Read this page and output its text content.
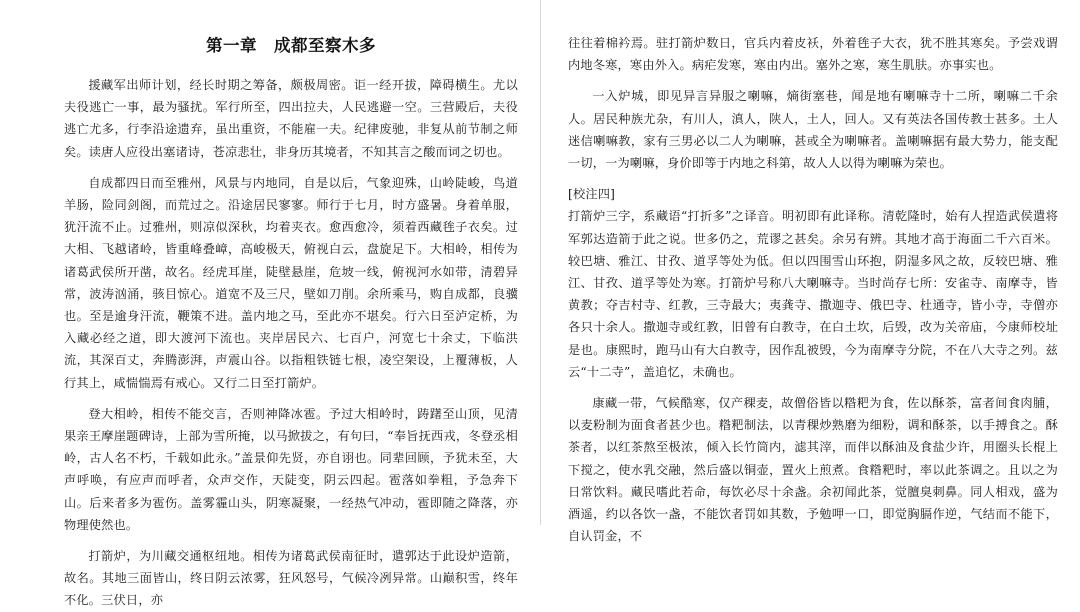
第一章　成都至察木多

援藏军出师计划，经长时期之筹备，颇极周密。讵一经开拔，障碍横生。尤以夫役逃亡一事，最为骚扰。军行所至，四出拉夫，人民逃避一空。三营殿后，夫役逃亡尤多，行李沿途遗弃，虽出重资，不能雇一夫。纪律废驰，非复从前节制之师矣。读唐人应役出塞诸诗，苍凉悲壮，非身历其境者，不知其言之酸而词之切也。

自成都四日而至雅州，风景与内地同，自是以后，气象迎殊，山岭陡峻，鸟道羊肠，险同剑阁，而荒过之。沿途居民寥寥。师行于七月，时方盛暑。身着单服，犹汗流不止。过雅州，则凉似深秋，均着夹衣。愈西愈冷，须着西藏毪子衣矣。过大相、飞越诸岭，皆重峰叠嶂，高峻极天，俯视白云，盘旋足下。大相岭，相传为诸葛武侯所开凿，故名。经虎耳崖，陡壁悬崖，危坡一线，俯视河水如带，清碧异常，波涛汹涌，骇目惊心。道宽不及三尺，壁如刀削。余所乘马，购自成都，良骥也。至是逾身汗流，鞭策不进。盖内地之马，至此亦不堪矣。行六日至泸定桥，为入藏必经之道，即大渡河下流也。夹岸居民六、七百户，河宽七十余丈，下临洪流，其深百丈，奔腾澎湃，声震山谷。以指粗铁链七根，凌空架设，上覆薄板，人行其上，咸惴惴焉有戒心。又行二日至打箭炉。

登大相岭，相传不能交言，否则神降冰雹。予过大相岭时，踌躇至山顶，见清果亲王摩崖题碑诗，上部为雪所掩，以马掀拔之，有句曰，“奉旨抚西戎，冬登丞相岭，古人名不朽，千载如此永。”盖景仰先贤，亦自诩也。同辈回顾，予犹未至，大声呼唤，有应声而呼者，众声交作，天陡变，阴云四起。雹落如拳粗，予急奔下山。后来者多为雹伤。盖雾霾山头，阴寒凝聚，一经热气冲动，雹即随之降落，亦物理使然也。

打箭炉，为川藏交通枢纽地。相传为诸葛武侯南征时，遣郭达于此设炉造箭，故名。其地三面皆山，终日阴云浓雾，狂风怒号，气候冷冽异常。山巅积雪，终年不化。三伏日，亦

往往着棉衿焉。驻打箭炉数日，官兵内着皮袄，外着毪子大衣，犹不胜其寒矣。予尝戏谓内地冬寒，寒由外入。病疟发寒，寒由内出。塞外之寒，寒生肌肤。亦事实也。

一入炉城，即见异言异服之喇嘛，熵街塞巷，闻是地有喇嘛寺十二所，喇嘛二千余人。居民种族尤杂，有川人，滇人，陕人，土人，回人。又有英法各国传教士甚多。土人迷信喇嘛教，家有三男必以二人为喇嘛，甚或全为喇嘛者。盖喇嘛据有最大势力，能支配一切，一为喇嘛，身价即等于内地之科第，故人人以得为喇嘛为荣也。

[校注四]

打箭炉三字，系藏语“打折多”之译音。明初即有此译称。清乾隆时，始有人捏造武侯遣将军郭达造箭于此之说。世多仍之，荒谬之甚矣。余另有辨。其地才高于海面二千六百米。较巴塘、雅江、甘孜、道孚等处为低。但以四围雪山环抱，阴湿多风之故，反较巴塘、雅江、甘孜、道孚等处为寒。打箭炉号称八大喇嘛寺。当时尚存七所：安雀寺、南摩寺，皆黄教；夺吉村寺、红教，三寺最大；夷龚寺、撒迦寺、俄巴寺、杜通寺，皆小寺，寺僧亦各只十余人。撒迦寺或红教，旧曾有白教寺，在白土坎，后毁，改为关帝庙，今康师校址是也。康熙时，跑马山有大白教寺，因作乱被毁，今为南摩寺分院，不在八大寺之列。兹云“十二寺”，盖追忆，未确也。

康藏一带，气候酷寒，仅产稞麦，故僧俗皆以糌粑为食，佐以酥茶，富者间食肉脯，以麦粉制为面食者甚少也。糌粑制法，以青稞炒熟磨为细粉，调和酥茶，以手搏食之。酥茶者，以红茶熬至极浓，倾入长竹筒内，滤其滓，而伴以酥油及食盐少许，用圈头长棍上下搅之，使水乳交融，然后盛以铜壶，置火上煎煮。食糌粑时，率以此茶调之。且以之为日常饮料。藏民嗜此若命，每饮必尽十余盏。余初闻此茶，觉膻臭刺鼻。同人相戏，盛为酒遥，约以各饮一盏，不能饮者罚如其数，予勉呷一口，即觉胸膈作逆，气结而不能下，自认罚金，不
